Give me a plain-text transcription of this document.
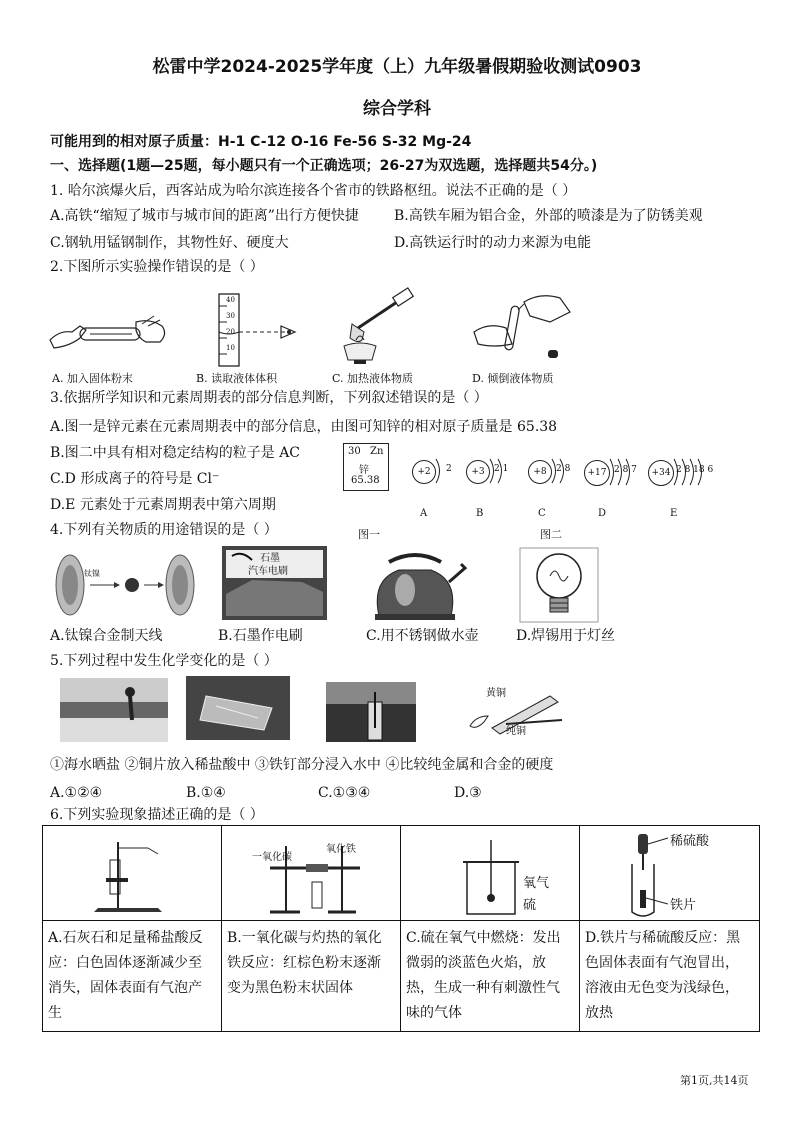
松雷中学2024-2025学年度（上）九年级暑假期验收测试0903
综合学科
可能用到的相对原子质量：H-1 C-12 O-16 Fe-56 S-32 Mg-24
一、选择题(1题—25题，每小题只有一个正确选项；26-27为双选题，选择题共54分。)
1. 哈尔滨爆火后，西客站成为哈尔滨连接各个省市的铁路枢纽。说法不正确的是（ ）
A.高铁“缩短了城市与城市间的距离”出行方便快捷	B.高铁车厢为铝合金，外部的喷漆是为了防锈美观
C.钢轨用锰钢制作，其物性好、硬度大	D.高铁运行时的动力来源为电能
2.下图所示实验操作错误的是（ ）
A. 加入固体粉末
40
30
20
10
B. 读取液体体积	C. 加热液体物质	D. 倾倒液体物质
3.依据所学知识和元素周期表的部分信息判断，下列叙述错误的是（ ）
A.图一是锌元素在元素周期表中的部分信息，由图可知锌的相对原子质量是 65.38
B.图二中具有相对稳定结构的粒子是 AC
C.D 形成离子的符号是 Cl⁻
D.E 元素处于元素周期表中第六周期
30 Zn
锌
65.38
图一	图二
+2	2
A
+3	2 1
B
+8	2 8
C
+17 2 8 7
D
+34 2 8 18 6
E
4.下列有关物质的用途错误的是（ ）
钛镍
石墨
汽车电刷
A.钛镍合金制天线	B.石墨作电刷	C.用不锈钢做水壶	D.焊锡用于灯丝
5.下列过程中发生化学变化的是（ ）
黄铜
纯铜
①海水晒盐 ②铜片放入稀盐酸中 ③铁钉部分浸入水中 ④比较纯金属和合金的硬度
A.①②④	B.①④	C.①③④	D.③
6.下列实验现象描述正确的是（ ）
A.石灰石和足量稀盐酸反应：白色固体逐渐减少至消失，固体表面有气泡产生
一氧化碳
氧化铁
B.一氧化碳与灼热的氧化铁反应：红棕色粉末逐渐变为黑色粉末状固体
氧气
硫
C.硫在氧气中燃烧：发出微弱的淡蓝色火焰，放热，生成一种有刺激性气味的气体
稀硫酸
铁片
D.铁片与稀硫酸反应：黑色固体表面有气泡冒出，溶液由无色变为浅绿色，放热
第1页,共14页
